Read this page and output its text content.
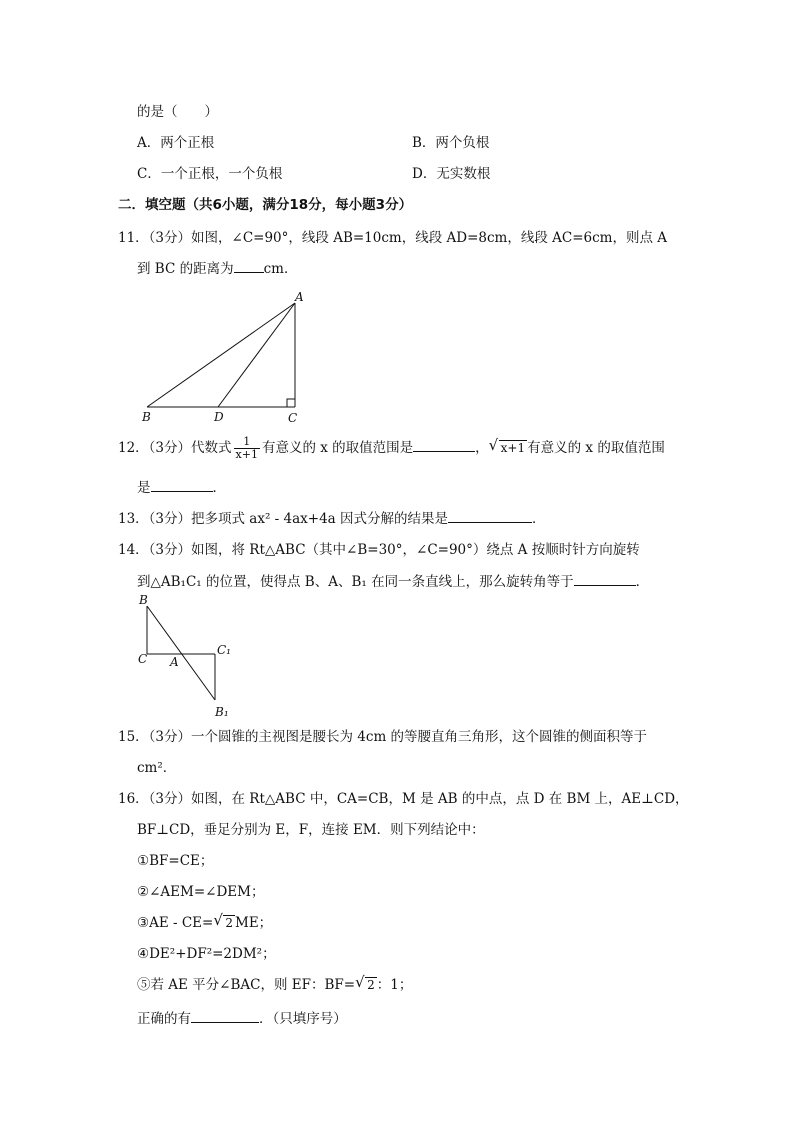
的是（　　）
A．两个正根	B．两个负根
C．一个正根，一个负根	D．无实数根
二．填空题（共6小题，满分18分，每小题3分）
11．（3分）如图，∠C=90°，线段 AB=10cm，线段 AD=8cm，线段 AC=6cm，则点 A
到 BC 的距离为 cm．
A
B	D	C
12．（3分）代数式 $\frac{1}{x+1}$ 有意义的 x 的取值范围是	， √ x+1 有意义的 x 的取值范围
是	．
13．（3分）把多项式 ax² - 4ax+4a 因式分解的结果是	．
14．（3分）如图，将 Rt△ABC（其中∠B=30°，∠C=90°）绕点 A 按顺时针方向旋转
到△AB₁C₁ 的位置，使得点 B、A、B₁ 在同一条直线上，那么旋转角等于	．
B
C A
C₁
B₁
15．（3分）一个圆锥的主视图是腰长为 4cm 的等腰直角三角形，这个圆锥的侧面积等于
cm²．
16．（3分）如图，在 Rt△ABC 中，CA=CB，M 是 AB 的中点，点 D 在 BM 上，AE⊥CD，
BF⊥CD，垂足分别为 E，F，连接 EM．则下列结论中：
①BF=CE；
②∠AEM=∠DEM；
③AE - CE= √ 2 ME；
④DE²+DF²=2DM²；
⑤若 AE 平分∠BAC，则 EF：BF= √ 2 ：1；
正确的有	．（只填序号）
